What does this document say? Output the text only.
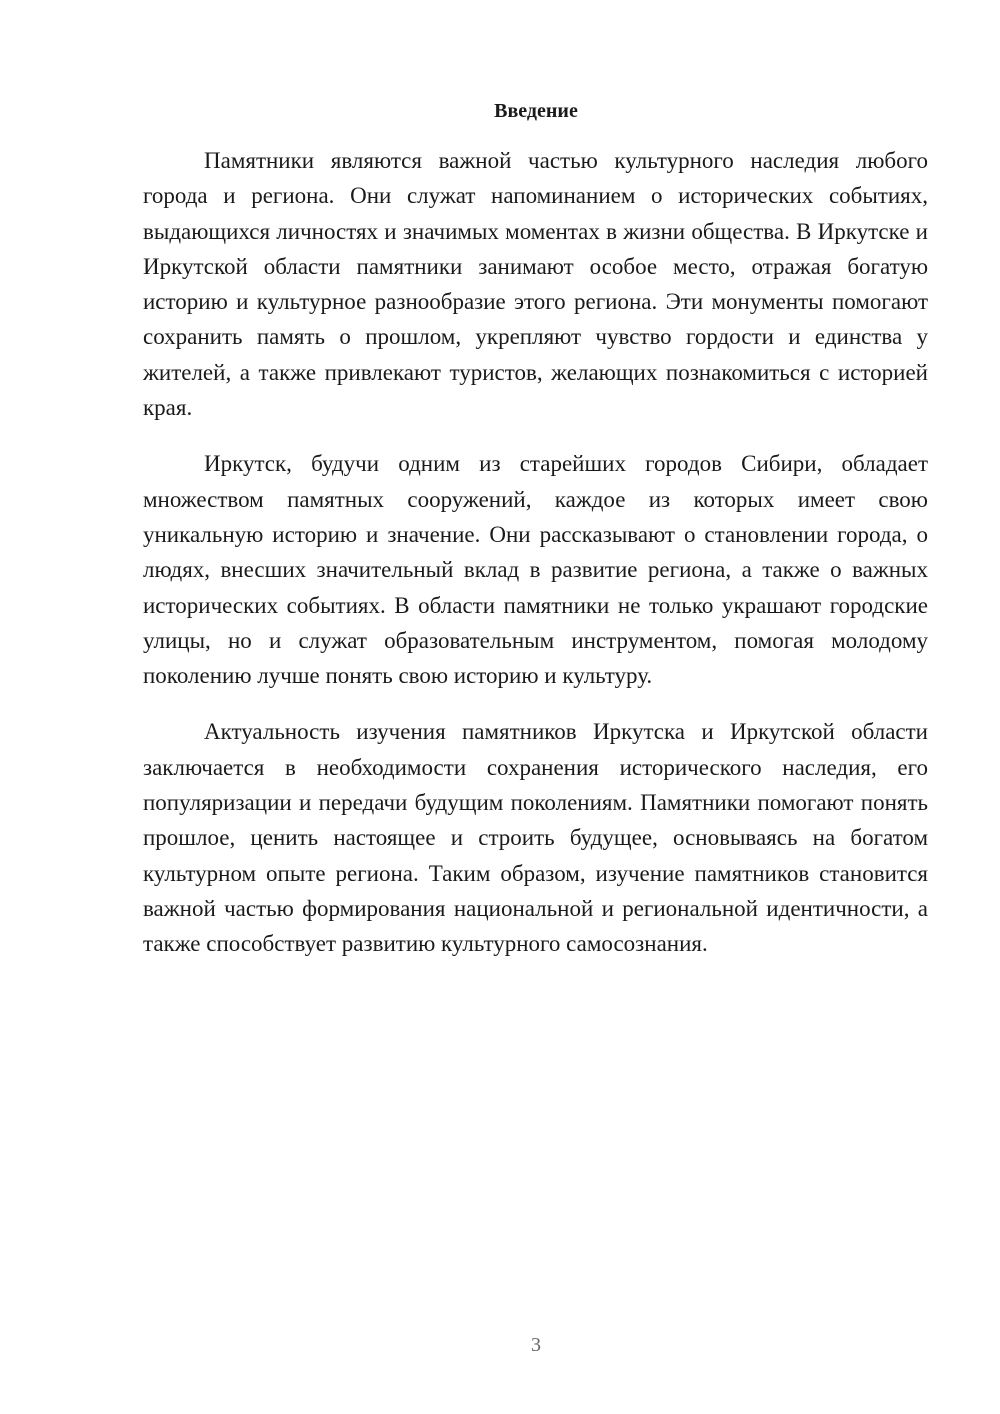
Введение

Памятники являются важной частью культурного наследия любого города и региона. Они служат напоминанием о исторических событиях, выдающихся личностях и значимых моментах в жизни общества. В Иркутске и Иркутской области памятники занимают особое место, отражая богатую историю и культурное разнообразие этого региона. Эти монументы помогают сохранить память о прошлом, укрепляют чувство гордости и единства у жителей, а также привлекают туристов, желающих познакомиться с историей края.

Иркутск, будучи одним из старейших городов Сибири, обладает множеством памятных сооружений, каждое из которых имеет свою уникальную историю и значение. Они рассказывают о становлении города, о людях, внесших значительный вклад в развитие региона, а также о важных исторических событиях. В области памятники не только украшают городские улицы, но и служат образовательным инструментом, помогая молодому поколению лучше понять свою историю и культуру.

Актуальность изучения памятников Иркутска и Иркутской области заключается в необходимости сохранения исторического наследия, его популяризации и передачи будущим поколениям. Памятники помогают понять прошлое, ценить настоящее и строить будущее, основываясь на богатом культурном опыте региона. Таким образом, изучение памятников становится важной частью формирования национальной и региональной идентичности, а также способствует развитию культурного самосознания.

3
